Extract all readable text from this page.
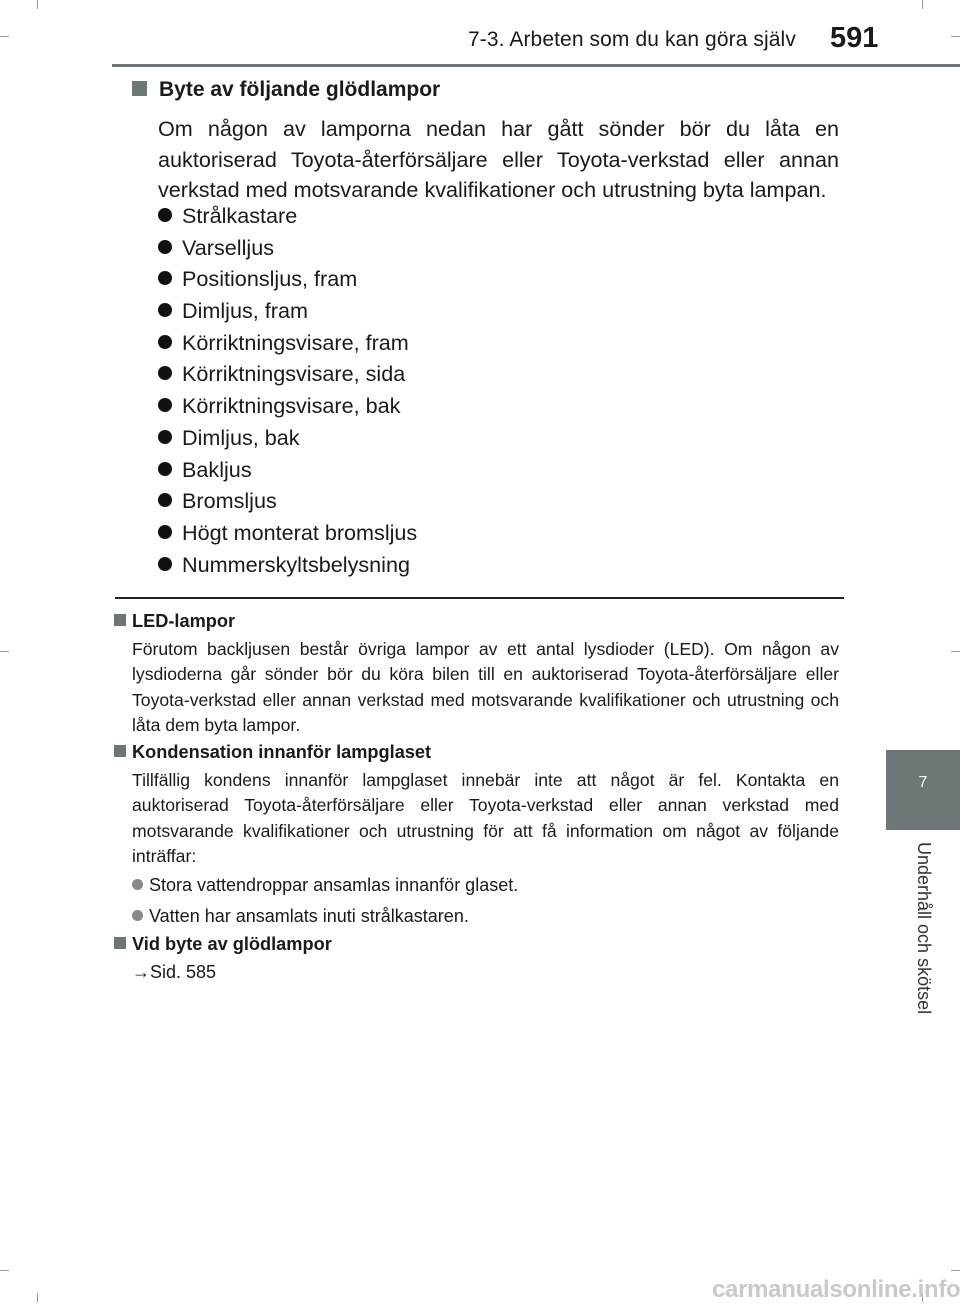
7-3. Arbeten som du kan göra själv 591
7
Underhåll och skötsel
Byte av följande glödlampor

Om någon av lamporna nedan har gått sönder bör du låta en auktoriserad Toyota-återförsäljare eller Toyota-verkstad eller annan verkstad med motsvarande kvalifikationer och utrustning byta lampan.

Strålkastare
Varselljus
Positionsljus, fram
Dimljus, fram
Körriktningsvisare, fram
Körriktningsvisare, sida
Körriktningsvisare, bak
Dimljus, bak
Bakljus
Bromsljus
Högt monterat bromsljus
Nummerskyltsbelysning
LED-lampor

Förutom backljusen består övriga lampor av ett antal lysdioder (LED). Om någon av lysdioderna går sönder bör du köra bilen till en auktoriserad Toyota-återförsäljare eller Toyota-verkstad eller annan verkstad med motsvarande kvalifikationer och utrustning och låta dem byta lampor.

Kondensation innanför lampglaset

Tillfällig kondens innanför lampglaset innebär inte att något är fel. Kontakta en auktoriserad Toyota-återförsäljare eller Toyota-verkstad eller annan verkstad med motsvarande kvalifikationer och utrustning för att få information om något av följande inträffar:

Stora vattendroppar ansamlas innanför glaset.
Vatten har ansamlats inuti strålkastaren.
Vid byte av glödlampor
→Sid. 585
carmanualsonline.info
